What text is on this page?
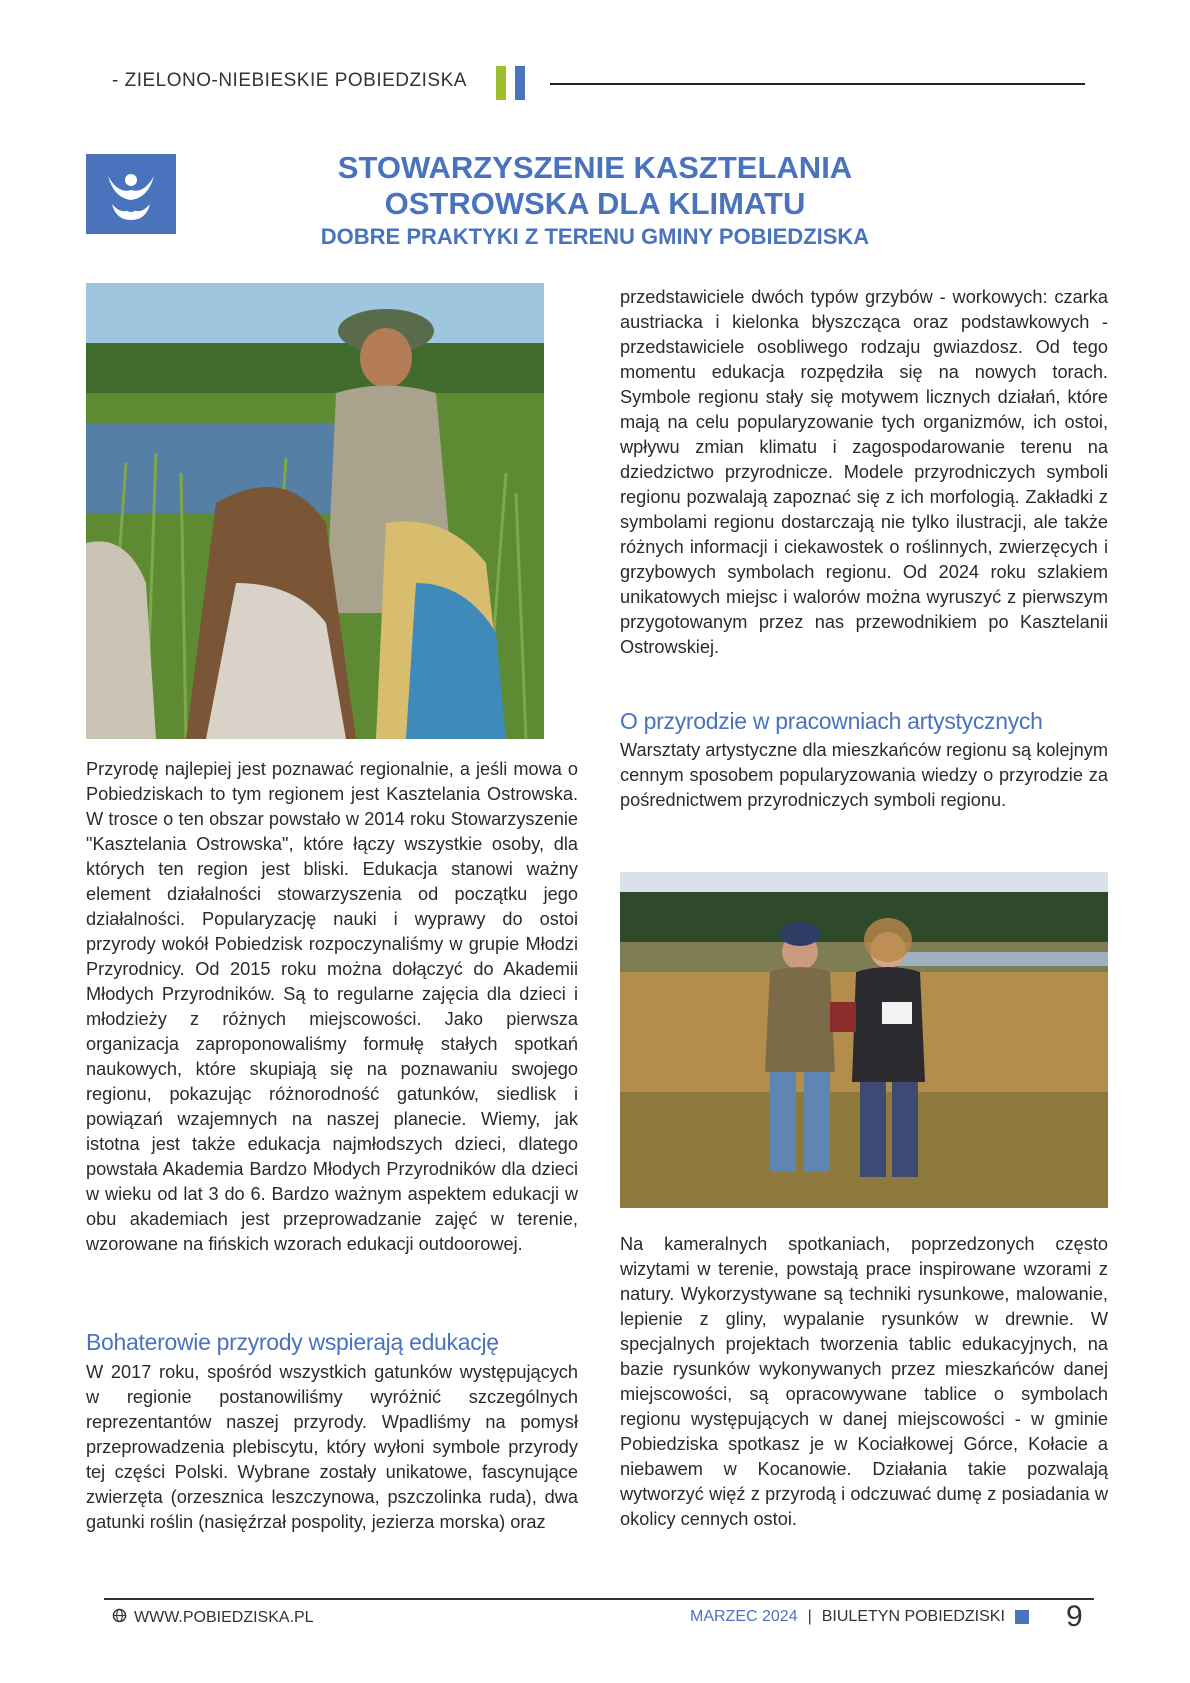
- ZIELONO-NIEBIESKIE POBIEDZISKA
STOWARZYSZENIE KASZTELANIA
OSTROWSKA DLA KLIMATU
DOBRE PRAKTYKI Z TERENU GMINY POBIEDZISKA
Przyrodę najlepiej jest poznawać regionalnie, a jeśli mowa o Pobiedziskach to tym regionem jest Kasztelania Ostrowska. W trosce o ten obszar powstało w 2014 roku Stowarzyszenie "Kasztelania Ostrowska", które łączy wszystkie osoby, dla których ten region jest bliski. Edukacja stanowi ważny element działalności stowarzyszenia od początku jego działalności. Popularyzację nauki i wyprawy do ostoi przyrody wokół Pobiedzisk rozpoczynaliśmy w grupie Młodzi Przyrodnicy. Od 2015 roku można dołączyć do Akademii Młodych Przyrodników. Są to regularne zajęcia dla dzieci i młodzieży z różnych miejscowości. Jako pierwsza organizacja zaproponowaliśmy formułę stałych spotkań naukowych, które skupiają się na poznawaniu swojego regionu, pokazując różnorodność gatunków, siedlisk i powiązań wzajemnych na naszej planecie. Wiemy, jak istotna jest także edukacja najmłodszych dzieci, dlatego powstała Akademia Bardzo Młodych Przyrodników dla dzieci w wieku od lat 3 do 6. Bardzo ważnym aspektem edukacji w obu akademiach jest przeprowadzanie zajęć w terenie, wzorowane na fińskich wzorach edukacji outdoorowej.
Bohaterowie przyrody wspierają edukację
W 2017 roku, spośród wszystkich gatunków występujących w regionie postanowiliśmy wyróżnić szczególnych reprezentantów naszej przyrody. Wpadliśmy na pomysł przeprowadzenia plebiscytu, który wyłoni symbole przyrody tej części Polski. Wybrane zostały unikatowe, fascynujące zwierzęta (orzesznica leszczynowa, pszczolinka ruda), dwa gatunki roślin (nasięźrzał pospolity, jezierza morska) oraz
przedstawiciele dwóch typów grzybów - workowych: czarka austriacka i kielonka błyszcząca oraz podstawkowych - przedstawiciele osobliwego rodzaju gwiazdosz. Od tego momentu edukacja rozpędziła się na nowych torach. Symbole regionu stały się motywem licznych działań, które mają na celu popularyzowanie tych organizmów, ich ostoi, wpływu zmian klimatu i zagospodarowanie terenu na dziedzictwo przyrodnicze. Modele przyrodniczych symboli regionu pozwalają zapoznać się z ich morfologią. Zakładki z symbolami regionu dostarczają nie tylko ilustracji, ale także różnych informacji i ciekawostek o roślinnych, zwierzęcych i grzybowych symbolach regionu. Od 2024 roku szlakiem unikatowych miejsc i walorów można wyruszyć z pierwszym przygotowanym przez nas przewodnikiem po Kasztelanii Ostrowskiej.
O przyrodzie w pracowniach artystycznych
Warsztaty artystyczne dla mieszkańców regionu są kolejnym cennym sposobem popularyzowania wiedzy o przyrodzie za pośrednictwem przyrodniczych symboli regionu.
Na kameralnych spotkaniach, poprzedzonych często wizytami w terenie, powstają prace inspirowane wzorami z natury. Wykorzystywane są techniki rysunkowe, malowanie, lepienie z gliny, wypalanie rysunków w drewnie. W specjalnych projektach tworzenia tablic edukacyjnych, na bazie rysunków wykonywanych przez mieszkańców danej miejscowości, są opracowywane tablice o symbolach regionu występujących w danej miejscowości - w gminie Pobiedziska spotkasz je w Kociałkowej Górce, Kołacie a niebawem w Kocanowie. Działania takie pozwalają wytworzyć więź z przyrodą i odczuwać dumę z posiadania w okolicy cennych ostoi.
WWW.POBIEDZISKA.PL	MARZEC 2024 | BIULETYN POBIEDZISKI 9
